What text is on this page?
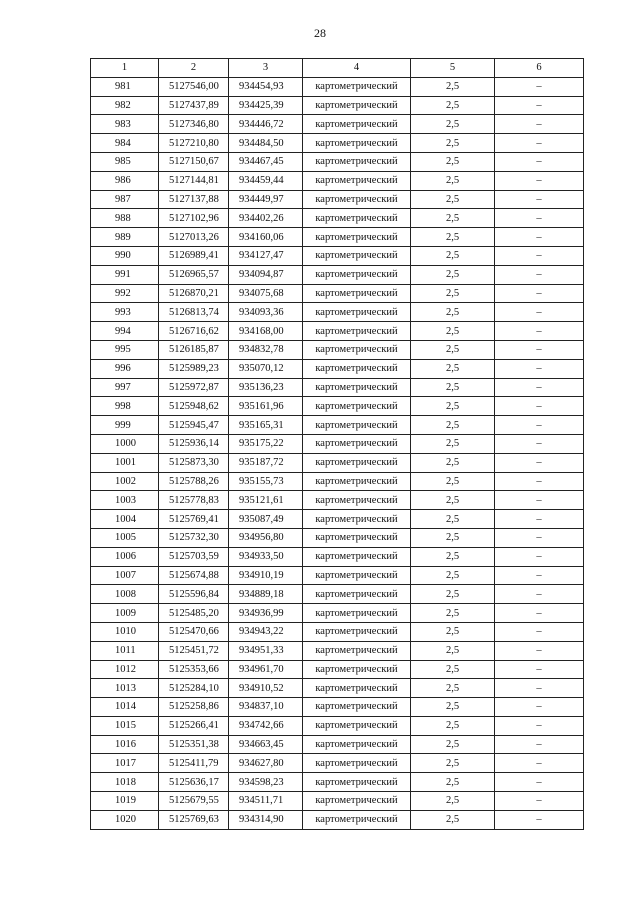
28
1	2	3	4	5	6
981	5127546,00	934454,93	картометрический	2,5	–
982	5127437,89	934425,39	картометрический	2,5	–
983	5127346,80	934446,72	картометрический	2,5	–
984	5127210,80	934484,50	картометрический	2,5	–
985	5127150,67	934467,45	картометрический	2,5	–
986	5127144,81	934459,44	картометрический	2,5	–
987	5127137,88	934449,97	картометрический	2,5	–
988	5127102,96	934402,26	картометрический	2,5	–
989	5127013,26	934160,06	картометрический	2,5	–
990	5126989,41	934127,47	картометрический	2,5	–
991	5126965,57	934094,87	картометрический	2,5	–
992	5126870,21	934075,68	картометрический	2,5	–
993	5126813,74	934093,36	картометрический	2,5	–
994	5126716,62	934168,00	картометрический	2,5	–
995	5126185,87	934832,78	картометрический	2,5	–
996	5125989,23	935070,12	картометрический	2,5	–
997	5125972,87	935136,23	картометрический	2,5	–
998	5125948,62	935161,96	картометрический	2,5	–
999	5125945,47	935165,31	картометрический	2,5	–
1000	5125936,14	935175,22	картометрический	2,5	–
1001	5125873,30	935187,72	картометрический	2,5	–
1002	5125788,26	935155,73	картометрический	2,5	–
1003	5125778,83	935121,61	картометрический	2,5	–
1004	5125769,41	935087,49	картометрический	2,5	–
1005	5125732,30	934956,80	картометрический	2,5	–
1006	5125703,59	934933,50	картометрический	2,5	–
1007	5125674,88	934910,19	картометрический	2,5	–
1008	5125596,84	934889,18	картометрический	2,5	–
1009	5125485,20	934936,99	картометрический	2,5	–
1010	5125470,66	934943,22	картометрический	2,5	–
1011	5125451,72	934951,33	картометрический	2,5	–
1012	5125353,66	934961,70	картометрический	2,5	–
1013	5125284,10	934910,52	картометрический	2,5	–
1014	5125258,86	934837,10	картометрический	2,5	–
1015	5125266,41	934742,66	картометрический	2,5	–
1016	5125351,38	934663,45	картометрический	2,5	–
1017	5125411,79	934627,80	картометрический	2,5	–
1018	5125636,17	934598,23	картометрический	2,5	–
1019	5125679,55	934511,71	картометрический	2,5	–
1020	5125769,63	934314,90	картометрический	2,5	–
